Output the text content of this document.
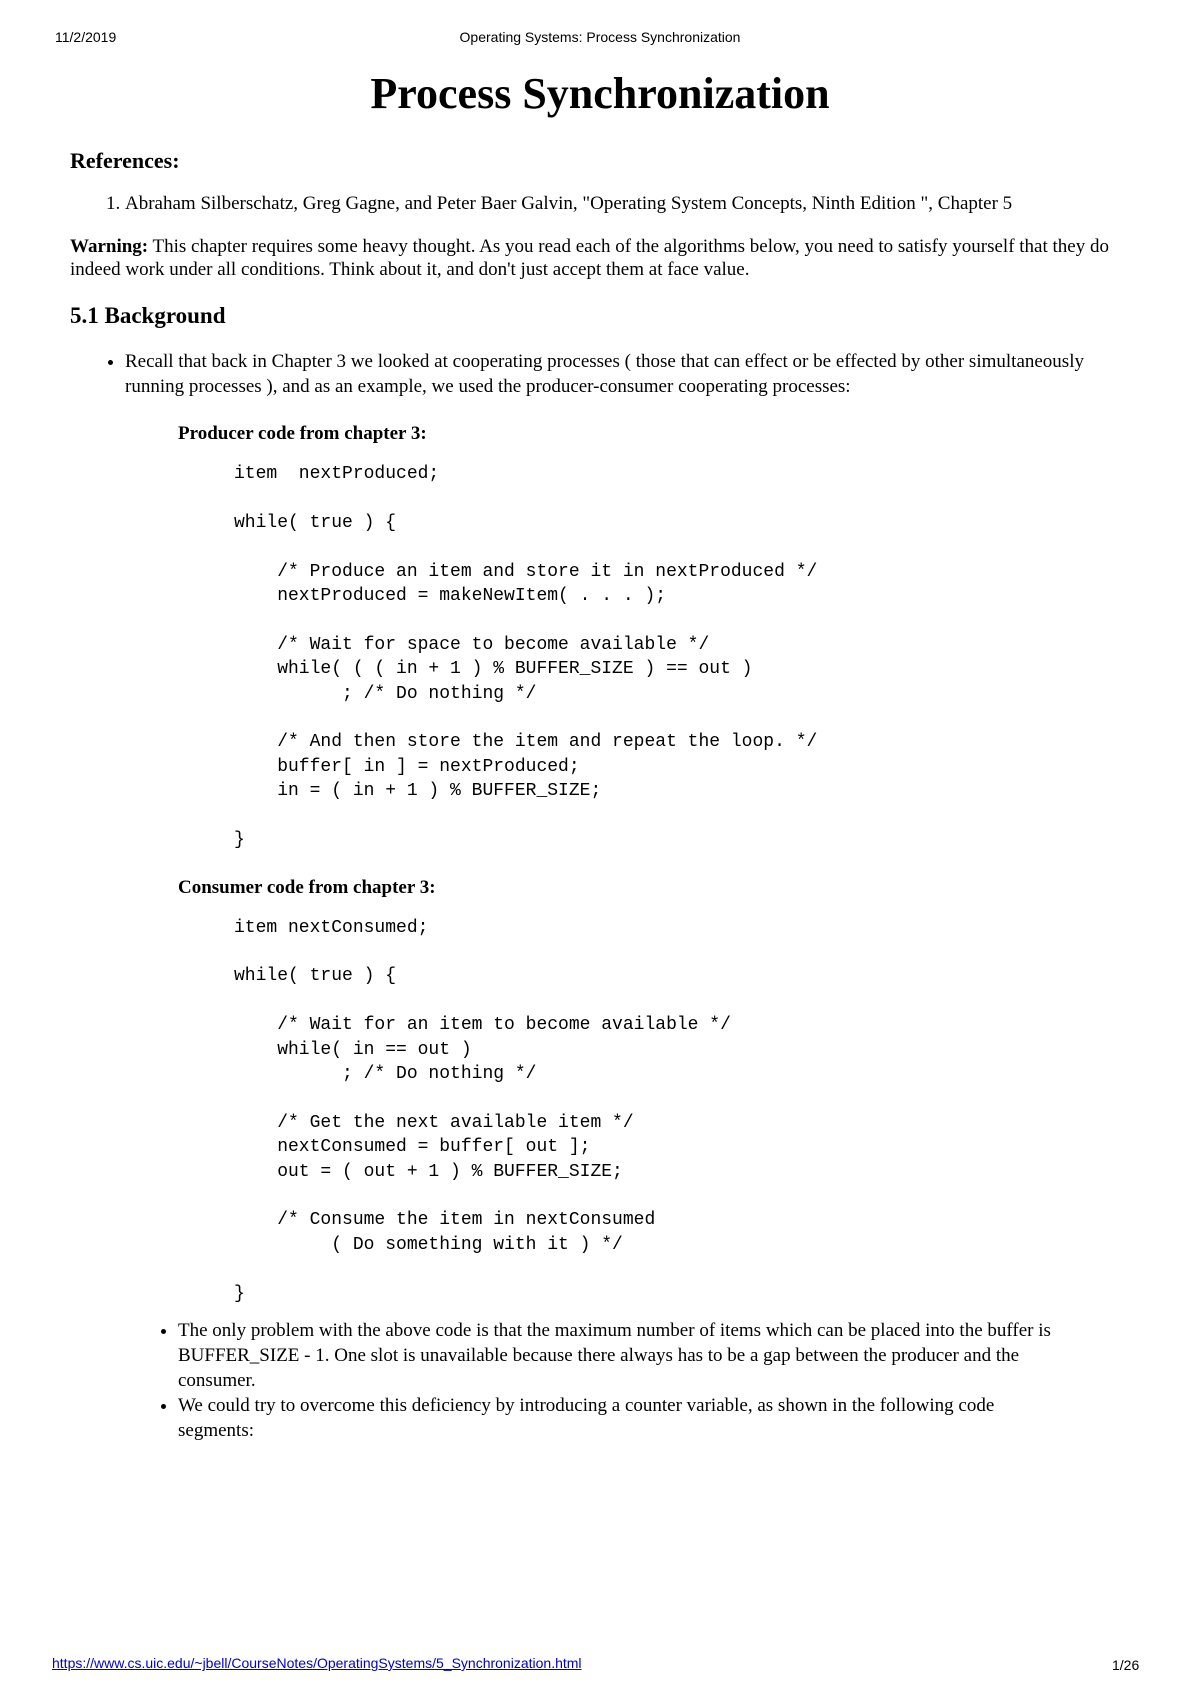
11/2/2019	Operating Systems: Process Synchronization
Process Synchronization
References:
1. Abraham Silberschatz, Greg Gagne, and Peter Baer Galvin, "Operating System Concepts, Ninth Edition ", Chapter 5

Warning: This chapter requires some heavy thought. As you read each of the algorithms below, you need to satisfy yourself that they do indeed work under all conditions. Think about it, and don't just accept them at face value.

5.1 Background
• Recall that back in Chapter 3 we looked at cooperating processes ( those that can effect or be effected by other simultaneously running processes ), and as an example, we used the producer-consumer cooperating processes:
Producer code from chapter 3:
item  nextProduced;

while( true ) {

/* Produce an item and store it in nextProduced */
nextProduced = makeNewItem( . . . );

/* Wait for space to become available */
while( ( ( in + 1 ) % BUFFER_SIZE ) == out )
; /* Do nothing */

/* And then store the item and repeat the loop. */
buffer[ in ] = nextProduced;
in = ( in + 1 ) % BUFFER_SIZE;

}
Consumer code from chapter 3:
item nextConsumed;

while( true ) {

/* Wait for an item to become available */
while( in == out )
; /* Do nothing */

/* Get the next available item */
nextConsumed = buffer[ out ];
out = ( out + 1 ) % BUFFER_SIZE;

/* Consume the item in nextConsumed
( Do something with it ) */

}
• The only problem with the above code is that the maximum number of items which can be placed into the buffer is BUFFER_SIZE - 1. One slot is unavailable because there always has to be a gap between the producer and the consumer.
• We could try to overcome this deficiency by introducing a counter variable, as shown in the following code segments:
https://www.cs.uic.edu/~jbell/CourseNotes/OperatingSystems/5_Synchronization.html	1/26
